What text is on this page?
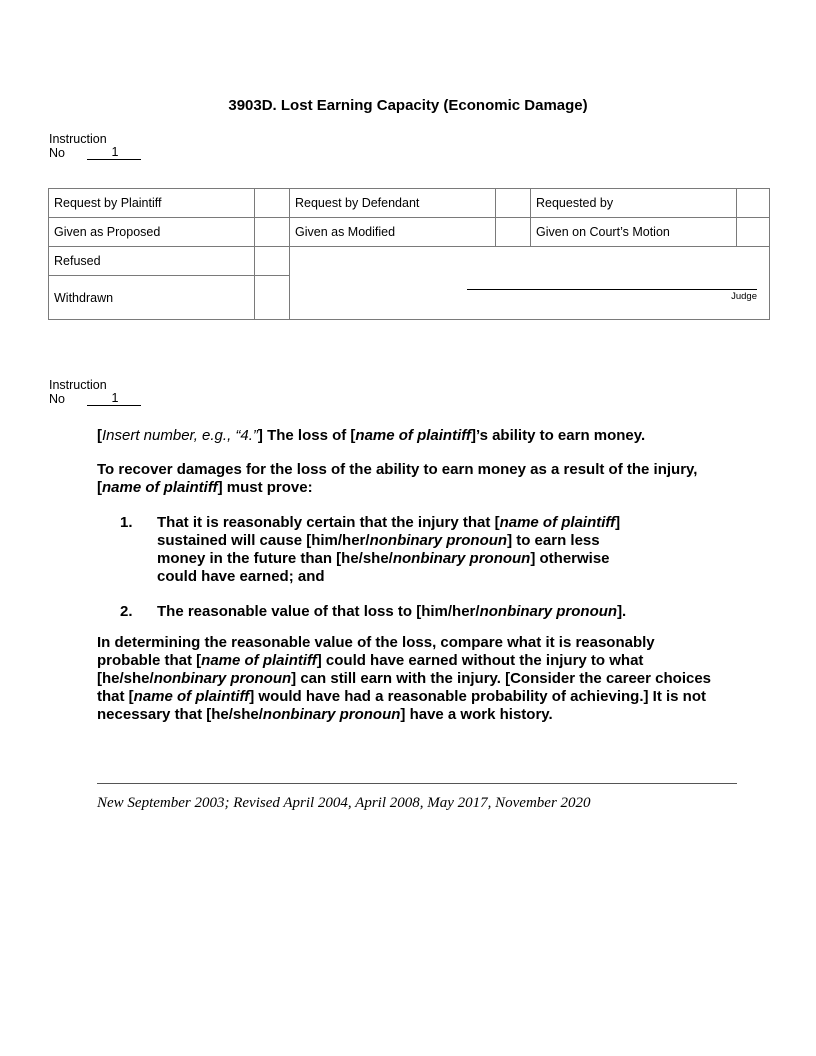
3903D. Lost Earning Capacity (Economic Damage)
Instruction
No	1
Request by Plaintiff		Request by Defendant		Requested by	
Given as Proposed		Given as Modified		Given on Court’s Motion	
Refused		Judge			

Withdrawn					
Instruction
No	1

[Insert number, e.g., “4.”] The loss of [name of plaintiff]’s ability to earn money.

To recover damages for the loss of the ability to earn money as a result of the injury, [name of plaintiff] must prove:

1.	That it is reasonably certain that the injury that [name of plaintiff] sustained will cause [him/her/nonbinary pronoun] to earn less money in the future than [he/she/nonbinary pronoun] otherwise could have earned; and

2.	The reasonable value of that loss to [him/her/nonbinary pronoun].

In determining the reasonable value of the loss, compare what it is reasonably probable that [name of plaintiff] could have earned without the injury to what [he/she/nonbinary pronoun] can still earn with the injury. [Consider the career choices that [name of plaintiff] would have had a reasonable probability of achieving.] It is not necessary that [he/she/nonbinary pronoun] have a work history.

New September 2003; Revised April 2004, April 2008, May 2017, November 2020
